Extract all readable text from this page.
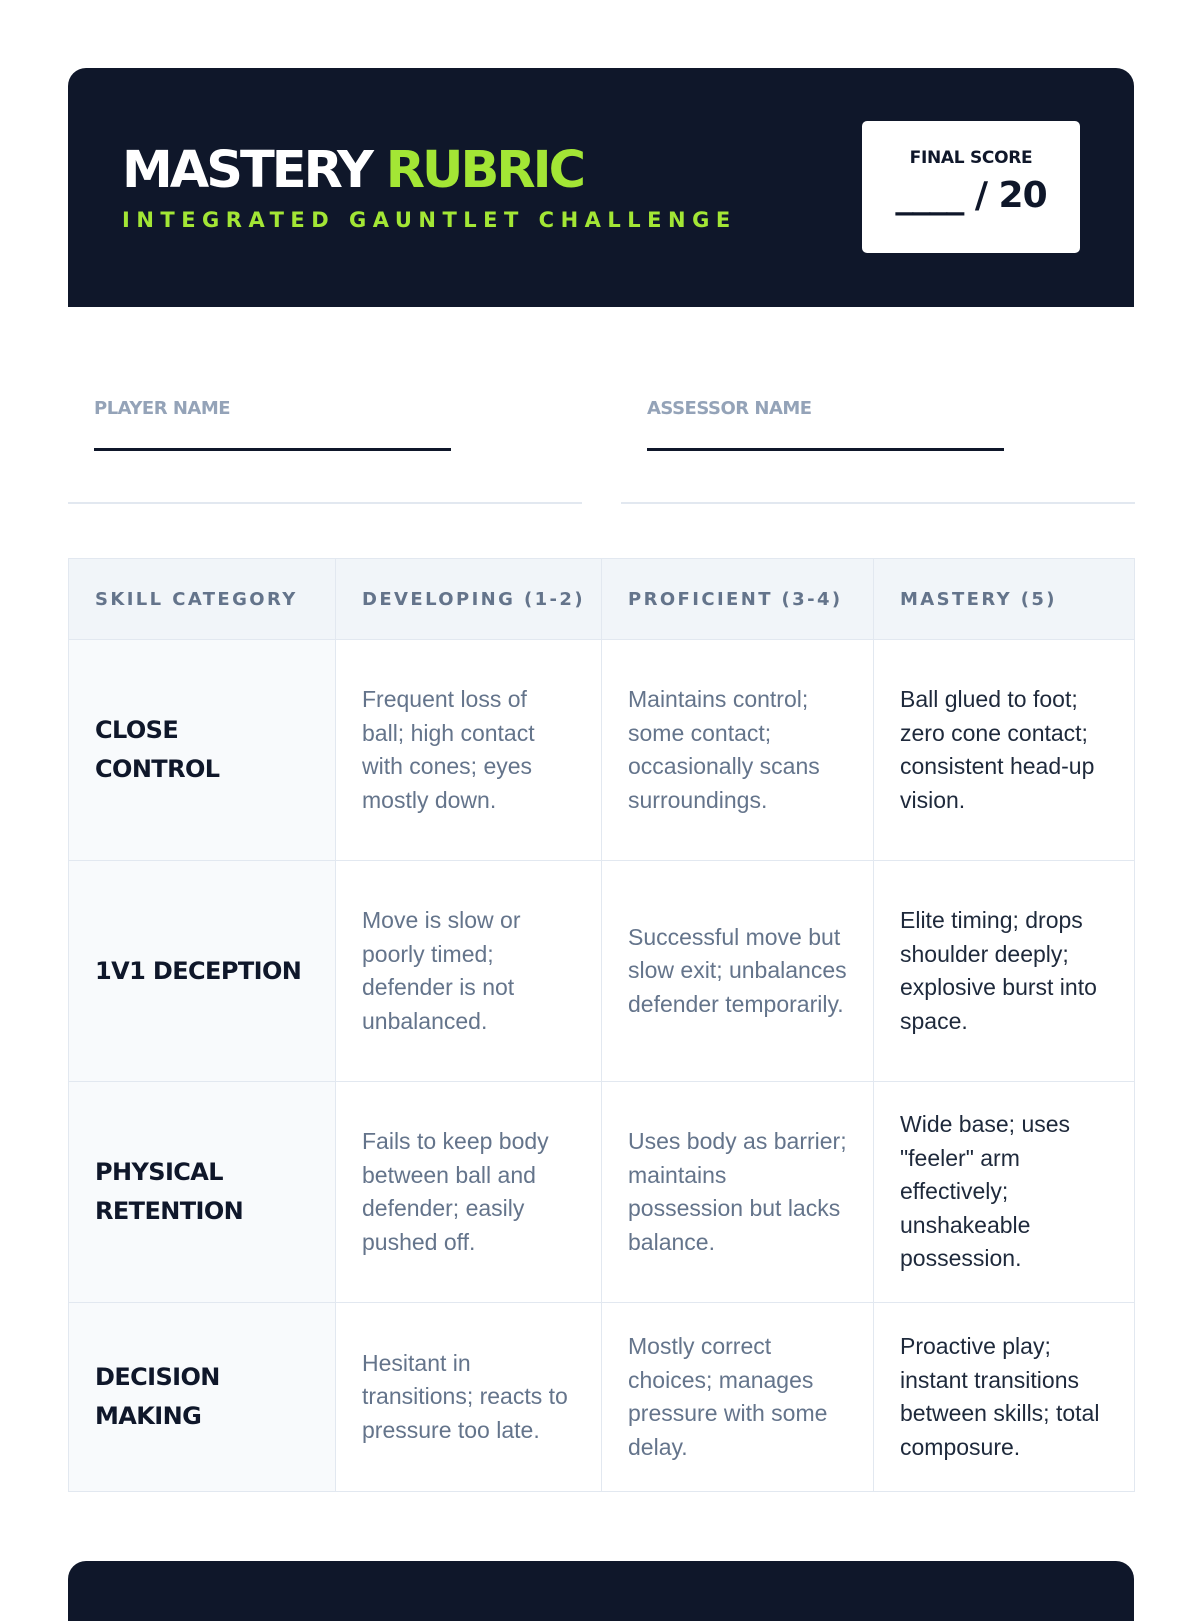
MASTERY RUBRIC
INTEGRATED GAUNTLET CHALLENGE
FINAL SCORE
____ / 20
PLAYER NAME	ASSESSOR NAME
SKILL CATEGORY	DEVELOPING (1-2)	PROFICIENT (3-4)	MASTERY (5)
CLOSE CONTROL	Frequent loss of ball; high contact with cones; eyes mostly down.	Maintains control; some contact; occasionally scans surroundings.	Ball glued to foot; zero cone contact; consistent head-up vision.
1V1 DECEPTION	Move is slow or poorly timed; defender is not unbalanced.	Successful move but slow exit; unbalances defender temporarily.	Elite timing; drops shoulder deeply; explosive burst into space.
PHYSICAL RETENTION	Fails to keep body between ball and defender; easily pushed off.	Uses body as barrier; maintains possession but lacks balance.	Wide base; uses "feeler" arm effectively; unshakeable possession.
DECISION MAKING	Hesitant in transitions; reacts to pressure too late.	Mostly correct choices; manages pressure with some delay.	Proactive play; instant transitions between skills; total composure.
